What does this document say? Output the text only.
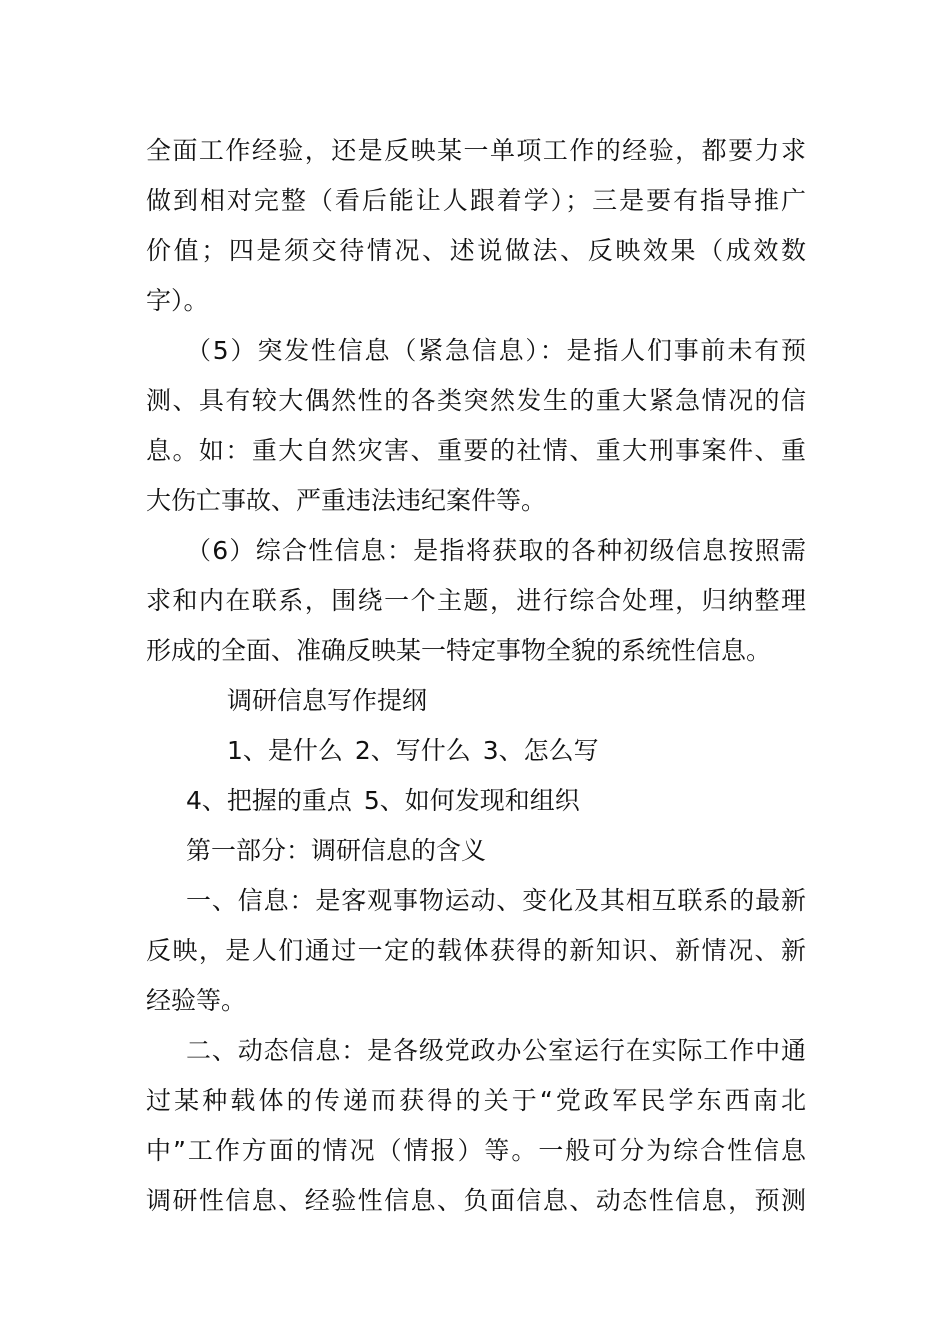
全面工作经验，还是反映某一单项工作的经验，都要力求

做到相对完整（看后能让人跟着学）；三是要有指导推广

价值；四是须交待情况、述说做法、反映效果（成效数

字）。

（5）突发性信息（紧急信息）：是指人们事前未有预

测、具有较大偶然性的各类突然发生的重大紧急情况的信

息。如：重大自然灾害、重要的社情、重大刑事案件、重

大伤亡事故、严重违法违纪案件等。

（6）综合性信息：是指将获取的各种初级信息按照需

求和内在联系，围绕一个主题，进行综合处理，归纳整理

形成的全面、准确反映某一特定事物全貌的系统性信息。

调研信息写作提纲

1、是什么 2、写什么 3、怎么写

4、把握的重点 5、如何发现和组织

第一部分：调研信息的含义

一、信息：是客观事物运动、变化及其相互联系的最新

反映，是人们通过一定的载体获得的新知识、新情况、新

经验等。

二、动态信息：是各级党政办公室运行在实际工作中通

过某种载体的传递而获得的关于“党政军民学东西南北

中”工作方面的情况（情报）等。一般可分为综合性信息

调研性信息、经验性信息、负面信息、动态性信息，预测
